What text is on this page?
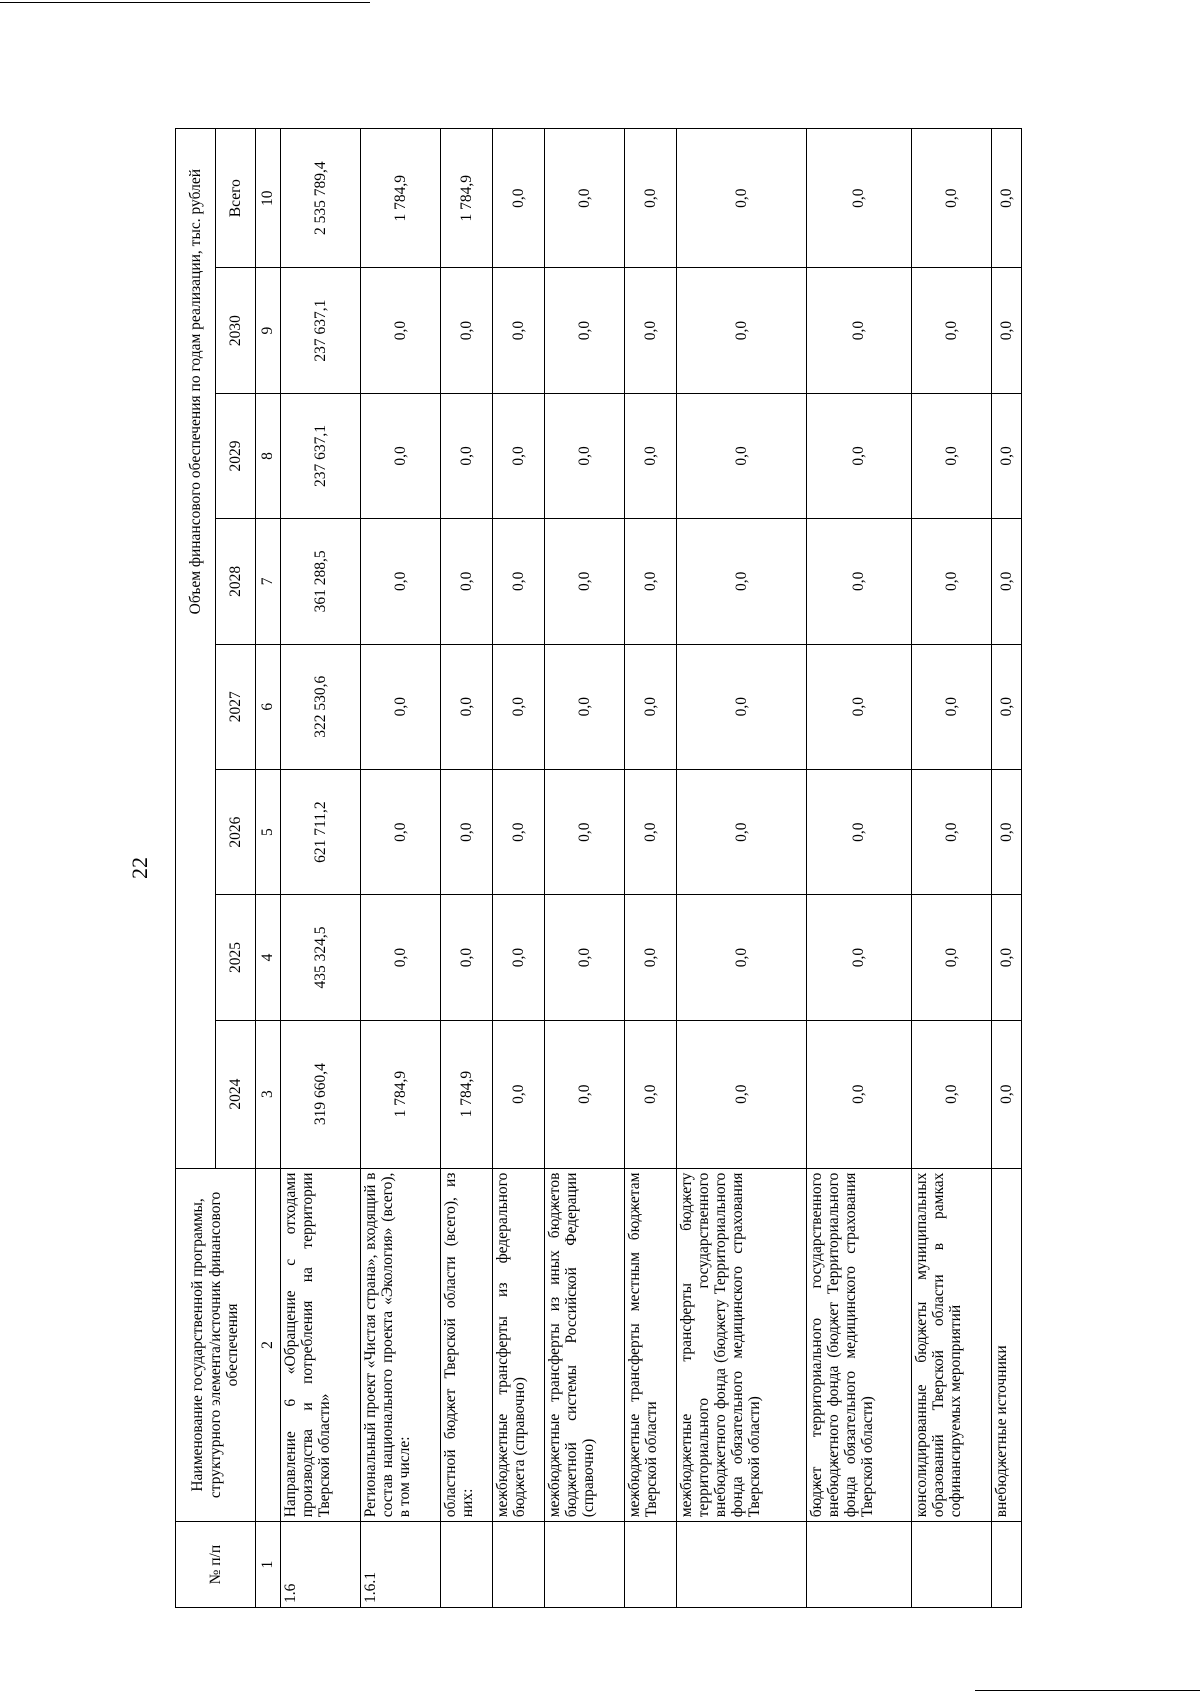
22
№ п/п	Наименование государственной программы, структурного элемента/источник финансового обеспечения	Объем финансового обеспечения по годам реализации, тыс. рублей							
		2024	2025	2026	2027	2028	2029	2030	Всего
1	2	3	4	5	6	7	8	9	10
1.6	Направление 6 «Обращение с отходами производства и потребления на территории Тверской области»	319 660,4	435 324,5	621 711,2	322 530,6	361 288,5	237 637,1	237 637,1	2 535 789,4
1.6.1	Региональный проект «Чистая страна», входящий в состав национального проекта «Экология» (всего), в том числе:	1 784,9	0,0	0,0	0,0	0,0	0,0	0,0	1 784,9
	областной бюджет Тверской области (всего), из них:	1 784,9	0,0	0,0	0,0	0,0	0,0	0,0	1 784,9
	межбюджетные трансферты из федерального бюджета (справочно)	0,0	0,0	0,0	0,0	0,0	0,0	0,0	0,0
	межбюджетные трансферты из иных бюджетов бюджетной системы Российской Федерации (справочно)	0,0	0,0	0,0	0,0	0,0	0,0	0,0	0,0
	межбюджетные трансферты местным бюджетам Тверской области	0,0	0,0	0,0	0,0	0,0	0,0	0,0	0,0
	межбюджетные трансферты бюджету территориального государственного внебюджетного фонда (бюджету Территориального фонда обязательного медицинского страхования Тверской области)	0,0	0,0	0,0	0,0	0,0	0,0	0,0	0,0
	бюджет территориального государственного внебюджетного фонда (бюджет Территориального фонда обязательного медицинского страхования Тверской области)	0,0	0,0	0,0	0,0	0,0	0,0	0,0	0,0
	консолидированные бюджеты муниципальных образований Тверской области в рамках софинансируемых мероприятий	0,0	0,0	0,0	0,0	0,0	0,0	0,0	0,0
	внебюджетные источники	0,0	0,0	0,0	0,0	0,0	0,0	0,0	0,0
